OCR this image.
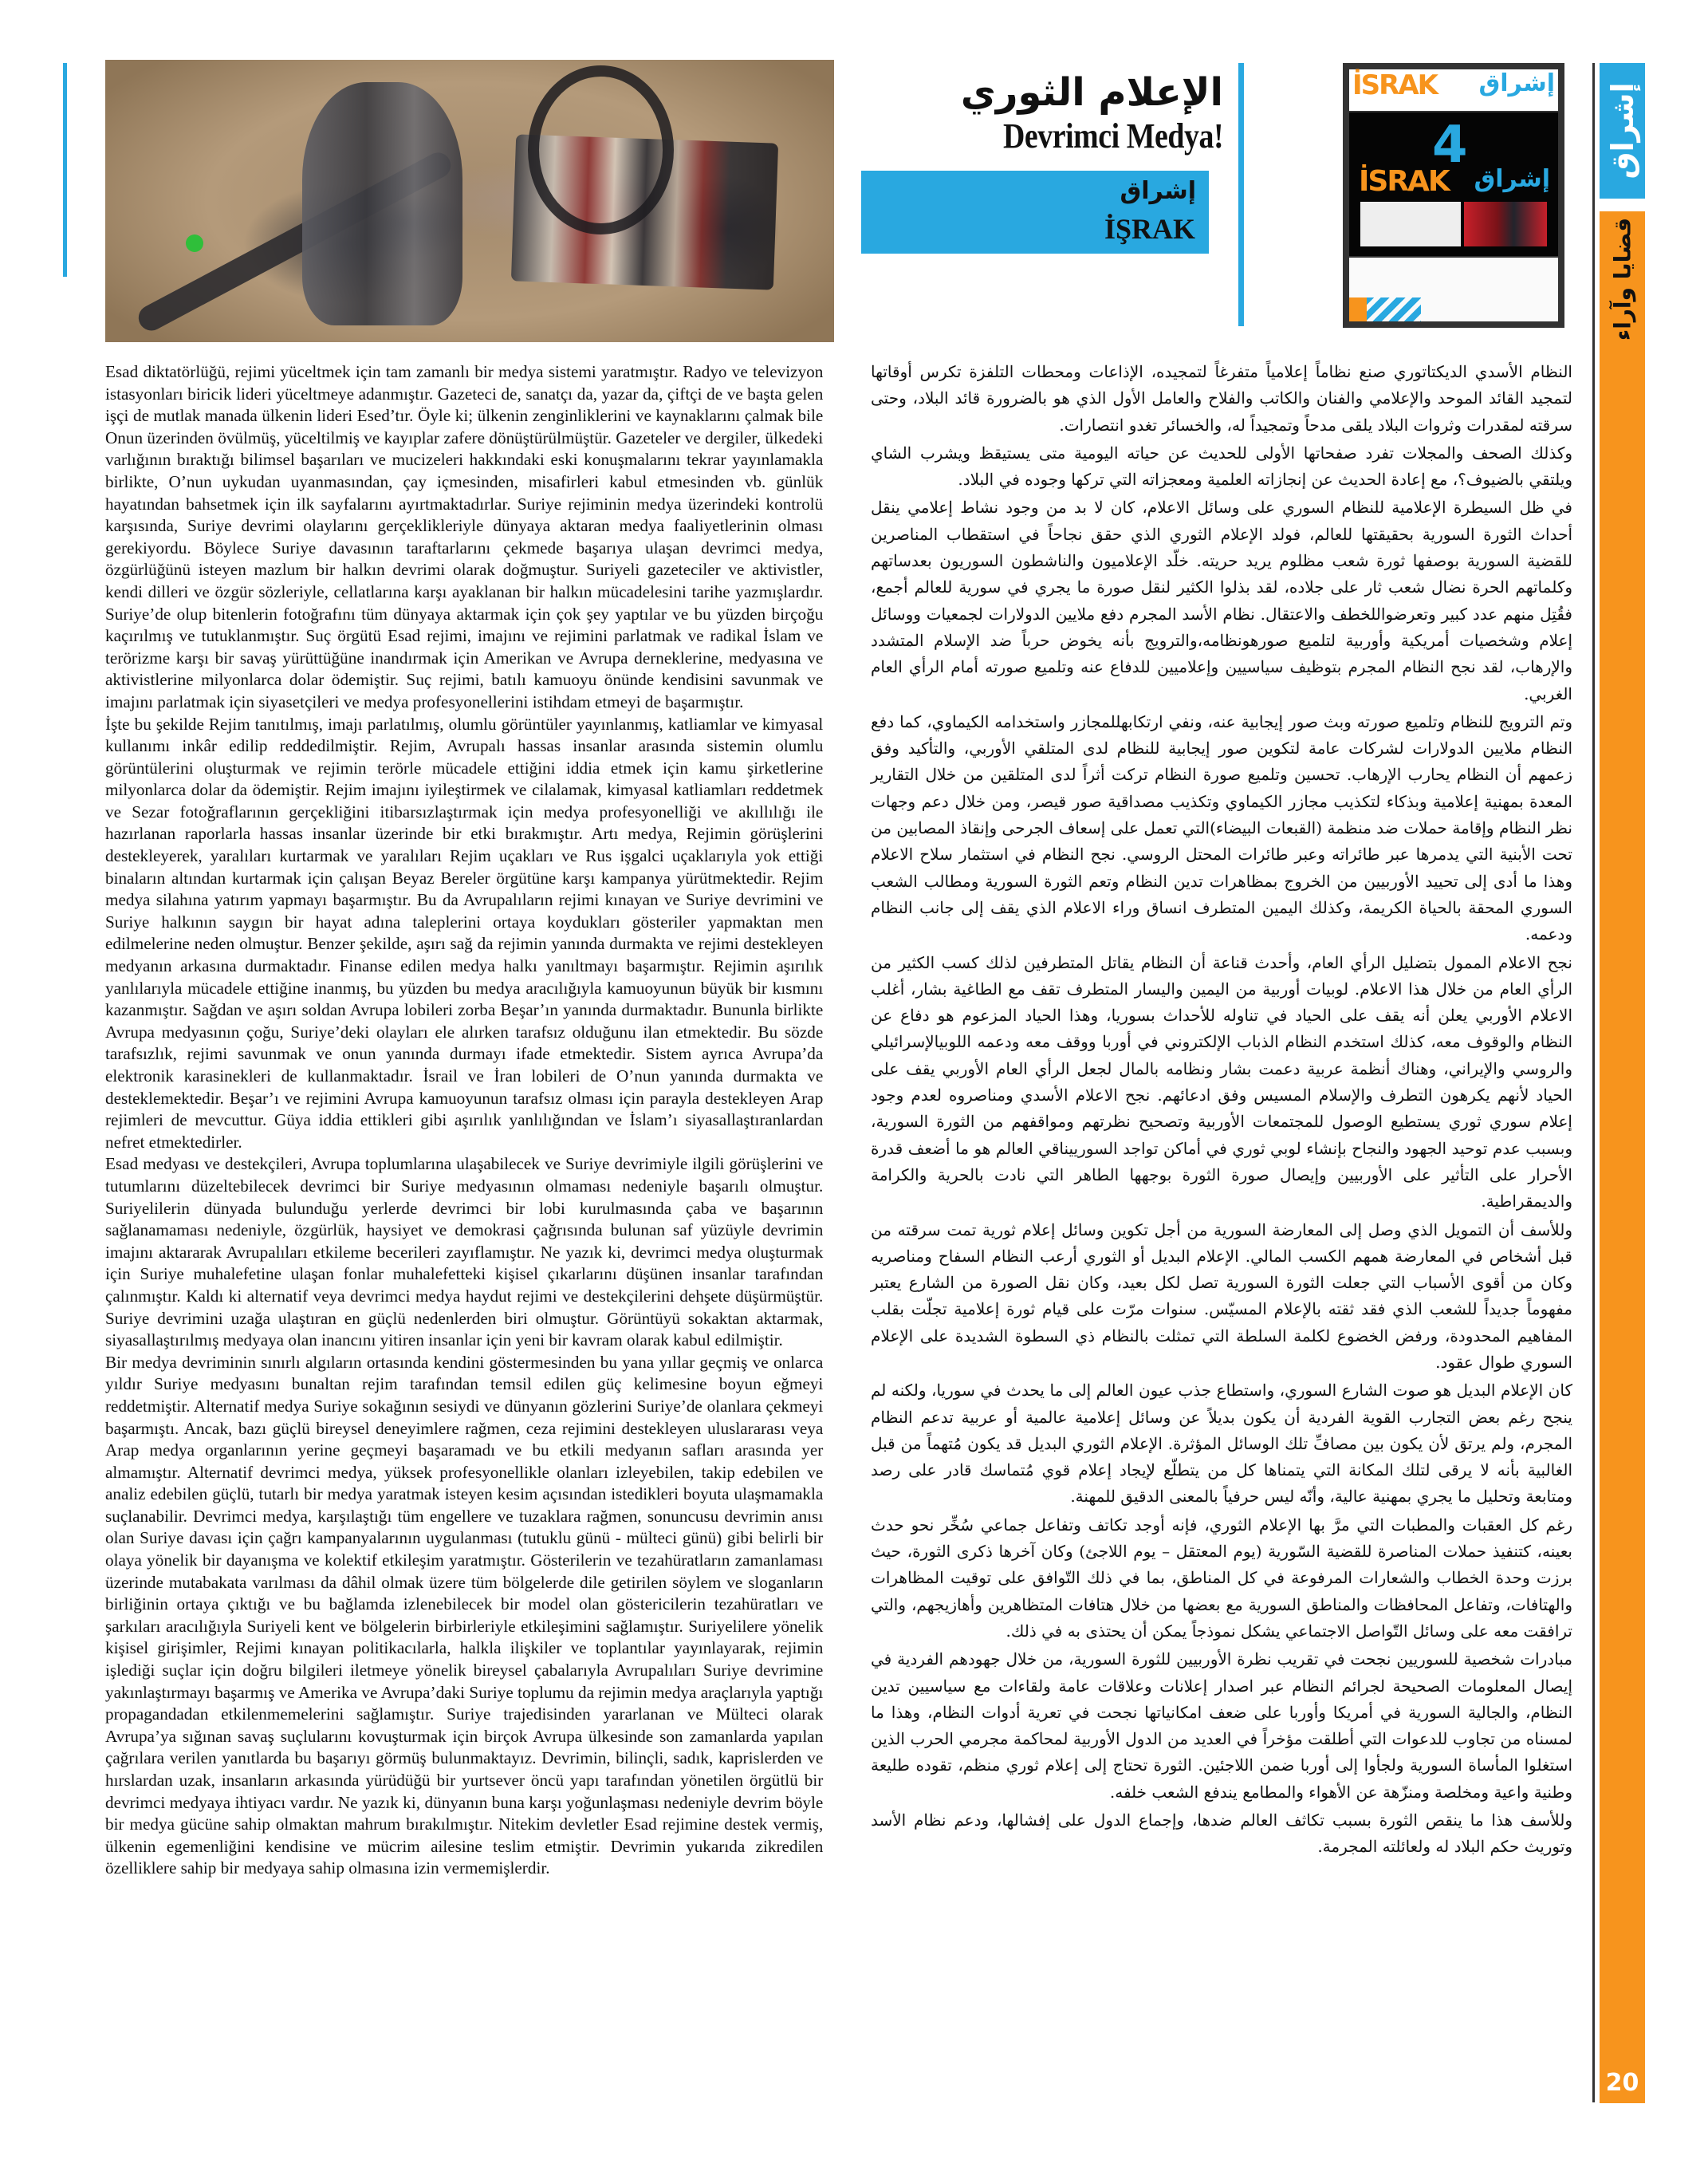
الإعلام الثوري
Devrimci Medya!
إشراق
İŞRAK
İSRAK إشراق
4
İSRAK إشراق إشراق
قضايا وآراء
20

Esad diktatörlüğü, rejimi yüceltmek için tam zamanlı bir medya sistemi yaratmıştır. Radyo ve televizyon istasyonları biricik lideri yüceltmeye adanmıştır. Gazeteci de, sanatçı da, yazar da, çiftçi de ve başta gelen işçi de mutlak manada ülkenin lideri Esed’tır. Öyle ki; ülkenin zenginliklerini ve kaynaklarını çalmak bile Onun üzerinden övülmüş, yüceltilmiş ve kayıplar zafere dönüştürülmüştür. Gazeteler ve dergiler, ülkedeki varlığının bıraktığı bilimsel başarıları ve mucizeleri hakkındaki eski konuşmalarını tekrar yayınlamakla birlikte, O’nun uykudan uyanmasından, çay içmesinden, misafirleri kabul etmesinden vb. günlük hayatından bahsetmek için ilk sayfalarını ayırtmaktadırlar. Suriye rejiminin medya üzerindeki kontrolü karşısında, Suriye devrimi olaylarını gerçeklikleriyle dünyaya aktaran medya faaliyetlerinin olması gerekiyordu. Böylece Suriye davasının taraftarlarını çekmede başarıya ulaşan devrimci medya, özgürlüğünü isteyen mazlum bir halkın devrimi olarak doğmuştur. Suriyeli gazeteciler ve aktivistler, kendi dilleri ve özgür sözleriyle, cellatlarına karşı ayaklanan bir halkın mücadelesini tarihe yazmışlardır. Suriye’de olup bitenlerin fotoğrafını tüm dünyaya aktarmak için çok şey yaptılar ve bu yüzden birçoğu kaçırılmış ve tutuklanmıştır. Suç örgütü Esad rejimi, imajını ve rejimini parlatmak ve radikal İslam ve terörizme karşı bir savaş yürüttüğüne inandırmak için Amerikan ve Avrupa derneklerine, medyasına ve aktivistlerine milyonlarca dolar ödemiştir. Suç rejimi, batılı kamuoyu önünde kendisini savunmak ve imajını parlatmak için siyasetçileri ve medya profesyonellerini istihdam etmeyi de başarmıştır.

İşte bu şekilde Rejim tanıtılmış, imajı parlatılmış, olumlu görüntüler yayınlanmış, katliamlar ve kimyasal kullanımı inkâr edilip reddedilmiştir. Rejim, Avrupalı hassas insanlar arasında sistemin olumlu görüntülerini oluşturmak ve rejimin terörle mücadele ettiğini iddia etmek için kamu şirketlerine milyonlarca dolar da ödemiştir. Rejim imajını iyileştirmek ve cilalamak, kimyasal katliamları reddetmek ve Sezar fotoğraflarının gerçekliğini itibarsızlaştırmak için medya profesyonelliği ve akıllılığı ile hazırlanan raporlarla hassas insanlar üzerinde bir etki bırakmıştır. Artı medya, Rejimin görüşlerini destekleyerek, yaralıları kurtarmak ve yaralıları Rejim uçakları ve Rus işgalci uçaklarıyla yok ettiği binaların altından kurtarmak için çalışan Beyaz Bereler örgütüne karşı kampanya yürütmektedir. Rejim medya silahına yatırım yapmayı başarmıştır. Bu da Avrupalıların rejimi kınayan ve Suriye devrimini ve Suriye halkının saygın bir hayat adına taleplerini ortaya koydukları gösteriler yapmaktan men edilmelerine neden olmuştur. Benzer şekilde, aşırı sağ da rejimin yanında durmakta ve rejimi destekleyen medyanın arkasına durmaktadır. Finanse edilen medya halkı yanıltmayı başarmıştır. Rejimin aşırılık yanlılarıyla mücadele ettiğine inanmış, bu yüzden bu medya aracılığıyla kamuoyunun büyük bir kısmını kazanmıştır. Sağdan ve aşırı soldan Avrupa lobileri zorba Beşar’ın yanında durmaktadır. Bununla birlikte Avrupa medyasının çoğu, Suriye’deki olayları ele alırken tarafsız olduğunu ilan etmektedir. Bu sözde tarafsızlık, rejimi savunmak ve onun yanında durmayı ifade etmektedir. Sistem ayrıca Avrupa’da elektronik karasinekleri de kullanmaktadır. İsrail ve İran lobileri de O’nun yanında durmakta ve desteklemektedir. Beşar’ı ve rejimini Avrupa kamuoyunun tarafsız olması için parayla destekleyen Arap rejimleri de mevcuttur. Güya iddia ettikleri gibi aşırılık yanlılığından ve İslam’ı siyasallaştıranlardan nefret etmektedirler.

Esad medyası ve destekçileri, Avrupa toplumlarına ulaşabilecek ve Suriye devrimiyle ilgili görüşlerini ve tutumlarını düzeltebilecek devrimci bir Suriye medyasının olmaması nedeniyle başarılı olmuştur. Suriyelilerin dünyada bulunduğu yerlerde devrimci bir lobi kurulmasında çaba ve başarının sağlanamaması nedeniyle, özgürlük, haysiyet ve demokrasi çağrısında bulunan saf yüzüyle devrimin imajını aktararak Avrupalıları etkileme becerileri zayıflamıştır. Ne yazık ki, devrimci medya oluşturmak için Suriye muhalefetine ulaşan fonlar muhalefetteki kişisel çıkarlarını düşünen insanlar tarafından çalınmıştır. Kaldı ki alternatif veya devrimci medya haydut rejimi ve destekçilerini dehşete düşürmüştür. Suriye devrimini uzağa ulaştıran en güçlü nedenlerden biri olmuştur. Görüntüyü sokaktan aktarmak, siyasallaştırılmış medyaya olan inancını yitiren insanlar için yeni bir kavram olarak kabul edilmiştir.

Bir medya devriminin sınırlı algıların ortasında kendini göstermesinden bu yana yıllar geçmiş ve onlarca yıldır Suriye medyasını bunaltan rejim tarafından temsil edilen güç kelimesine boyun eğmeyi reddetmiştir. Alternatif medya Suriye sokağının sesiydi ve dünyanın gözlerini Suriye’de olanlara çekmeyi başarmıştı. Ancak, bazı güçlü bireysel deneyimlere rağmen, ceza rejimini destekleyen uluslararası veya Arap medya organlarının yerine geçmeyi başaramadı ve bu etkili medyanın safları arasında yer almamıştır. Alternatif devrimci medya, yüksek profesyonellikle olanları izleyebilen, takip edebilen ve analiz edebilen güçlü, tutarlı bir medya yaratmak isteyen kesim açısından istedikleri boyuta ulaşmamakla suçlanabilir. Devrimci medya, karşılaştığı tüm engellere ve tuzaklara rağmen, sonuncusu devrimin anısı olan Suriye davası için çağrı kampanyalarının uygulanması (tutuklu günü - mülteci günü) gibi belirli bir olaya yönelik bir dayanışma ve kolektif etkileşim yaratmıştır. Gösterilerin ve tezahüratların zamanlaması üzerinde mutabakata varılması da dâhil olmak üzere tüm bölgelerde dile getirilen söylem ve sloganların birliğinin ortaya çıktığı ve bu bağlamda izlenebilecek bir model olan göstericilerin tezahüratları ve şarkıları aracılığıyla Suriyeli kent ve bölgelerin birbirleriyle etkileşimini sağlamıştır. Suriyelilere yönelik kişisel girişimler, Rejimi kınayan politikacılarla, halkla ilişkiler ve toplantılar yayınlayarak, rejimin işlediği suçlar için doğru bilgileri iletmeye yönelik bireysel çabalarıyla Avrupalıları Suriye devrimine yakınlaştırmayı başarmış ve Amerika ve Avrupa’daki Suriye toplumu da rejimin medya araçlarıyla yaptığı propagandadan etkilenmemelerini sağlamıştır. Suriye trajedisinden yararlanan ve Mülteci olarak Avrupa’ya sığınan savaş suçlularını kovuşturmak için birçok Avrupa ülkesinde son zamanlarda yapılan çağrılara verilen yanıtlarda bu başarıyı görmüş bulunmaktayız. Devrimin, bilinçli, sadık, kaprislerden ve hırslardan uzak, insanların arkasında yürüdüğü bir yurtsever öncü yapı tarafından yönetilen örgütlü bir devrimci medyaya ihtiyacı vardır. Ne yazık ki, dünyanın buna karşı yoğunlaşması nedeniyle devrim böyle bir medya gücüne sahip olmaktan mahrum bırakılmıştır. Nitekim devletler Esad rejimine destek vermiş, ülkenin egemenliğini kendisine ve mücrim ailesine teslim etmiştir. Devrimin yukarıda zikredilen özelliklere sahip bir medyaya sahip olmasına izin vermemişlerdir.

النظام الأسدي الديكتاتوري صنع نظاماً إعلامياً متفرغاً لتمجيده، الإذاعات ومحطات التلفزة تكرس أوقاتها لتمجيد القائد الموحد والإعلامي والفنان والكاتب والفلاح والعامل الأول الذي هو بالضرورة قائد البلاد، وحتى سرقته لمقدرات وثروات البلاد يلقى مدحاً وتمجيداً له، والخسائر تغدو انتصارات.

وكذلك الصحف والمجلات تفرد صفحاتها الأولى للحديث عن حياته اليومية متى يستيقظ ويشرب الشاي ويلتقي بالضيوف؟، مع إعادة الحديث عن إنجازاته العلمية ومعجزاته التي تركها وجوده في البلاد.

في ظل السيطرة الإعلامية للنظام السوري على وسائل الاعلام، كان لا بد من وجود نشاط إعلامي ينقل أحداث الثورة السورية بحقيقتها للعالم، فولد الإعلام الثوري الذي حقق نجاحاً في استقطاب المناصرين للقضية السورية بوصفها ثورة شعب مظلوم يريد حريته. خلّد الإعلاميون والناشطون السوريون بعدساتهم وكلماتهم الحرة نضال شعب ثار على جلاده، لقد بذلوا الكثير لنقل صورة ما يجري في سورية للعالم أجمع، فقُتِل منهم عدد كبير وتعرضواللخطف والاعتقال. نظام الأسد المجرم دفع ملايين الدولارات لجمعيات ووسائل إعلام وشخصيات أمريكية وأوربية لتلميع صورهونظامه،والترويج بأنه يخوض حرباً ضد الإسلام المتشدد والإرهاب، لقد نجح النظام المجرم بتوظيف سياسيين وإعلاميين للدفاع عنه وتلميع صورته أمام الرأي العام الغربي.

وتم الترويج للنظام وتلميع صورته وبث صور إيجابية عنه، ونفي ارتكابهللمجازر واستخدامه الكيماوي، كما دفع النظام ملايين الدولارات لشركات عامة لتكوين صور إيجابية للنظام لدى المتلقي الأوربي، والتأكيد وفق زعمهم أن النظام يحارب الإرهاب. تحسين وتلميع صورة النظام تركت أثراً لدى المتلقين من خلال التقارير المعدة بمهنية إعلامية وبذكاء لتكذيب مجازر الكيماوي وتكذيب مصداقية صور قيصر، ومن خلال دعم وجهات نظر النظام وإقامة حملات ضد منظمة (القبعات البيضاء)التي تعمل على إسعاف الجرحى وإنقاذ المصابين من تحت الأبنية التي يدمرها عبر طائراته وعبر طائرات المحتل الروسي. نجح النظام في استثمار سلاح الاعلام وهذا ما أدى إلى تحييد الأوربيين من الخروج بمظاهرات تدين النظام وتعم الثورة السورية ومطالب الشعب السوري المحقة بالحياة الكريمة، وكذلك اليمين المتطرف انساق وراء الاعلام الذي يقف إلى جانب النظام ودعمه.

نجح الاعلام الممول بتضليل الرأي العام، وأحدث قناعة أن النظام يقاتل المتطرفين لذلك كسب الكثير من الرأي العام من خلال هذا الاعلام. لوبيات أوربية من اليمين واليسار المتطرف تقف مع الطاغية بشار، أغلب الاعلام الأوربي يعلن أنه يقف على الحياد في تناوله للأحداث بسوريا، وهذا الحياد المزعوم هو دفاع عن النظام والوقوف معه، كذلك استخدم النظام الذباب الإلكتروني في أوربا ووقف معه ودعمه اللوبيالإسرائيلي والروسي والإيراني، وهناك أنظمة عربية دعمت بشار ونظامه بالمال لجعل الرأي العام الأوربي يقف على الحياد لأنهم يكرهون التطرف والإسلام المسيس وفق ادعائهم. نجح الاعلام الأسدي ومناصروه لعدم وجود إعلام سوري ثوري يستطيع الوصول للمجتمعات الأوربية وتصحيح نظرتهم ومواقفهم من الثورة السورية، وبسبب عدم توحيد الجهود والنجاح بإنشاء لوبي ثوري في أماكن تواجد السورييناقي العالم هو ما أضعف قدرة الأحرار على التأثير على الأوربيين وإيصال صورة الثورة بوجهها الطاهر التي نادت بالحرية والكرامة والديمقراطية.

وللأسف أن التمويل الذي وصل إلى المعارضة السورية من أجل تكوين وسائل إعلام ثورية تمت سرقته من قبل أشخاص في المعارضة همهم الكسب المالي. الإعلام البديل أو الثوري أرعب النظام السفاح ومناصريه وكان من أقوى الأسباب التي جعلت الثورة السورية تصل لكل بعيد، وكان نقل الصورة من الشارع يعتبر مفهوماً جديداً للشعب الذي فقد ثقته بالإعلام المسيّس. سنوات مرّت على قيام ثورة إعلامية تجلّت بقلب المفاهيم المحدودة، ورفض الخضوع لكلمة السلطة التي تمثلت بالنظام ذي السطوة الشديدة على الإعلام السوري طوال عقود.

كان الإعلام البديل هو صوت الشارع السوري، واستطاع جذب عيون العالم إلى ما يحدث في سوريا، ولكنه لم ينجح رغم بعض التجارب القوية الفردية أن يكون بديلاً عن وسائل إعلامية عالمية أو عربية تدعم النظام المجرم، ولم يرتق لأن يكون بين مصافِّ تلك الوسائل المؤثرة. الإعلام الثوري البديل قد يكون مُتهماً من قبل الغالبية بأنه لا يرقى لتلك المكانة التي يتمناها كل من يتطلّع لإيجاد إعلام قوي مُتماسك قادر على رصد ومتابعة وتحليل ما يجري بمهنية عالية، وأنّه ليس حرفياً بالمعنى الدقيق للمهنة.

رغم كل العقبات والمطبات التي مرَّ بها الإعلام الثوري، فإنه أوجد تكاتف وتفاعل جماعي سُخِّر نحو حدث بعينه، كتنفيذ حملات المناصرة للقضية السّورية (يوم المعتقل – يوم اللاجئ) وكان آخرها ذكرى الثورة، حيث برزت وحدة الخطاب والشعارات المرفوعة في كل المناطق، بما في ذلك التّوافق على توقيت المظاهرات والهتافات، وتفاعل المحافظات والمناطق السورية مع بعضها من خلال هتافات المتظاهرين وأهازيجهم، والتي ترافقت معه على وسائل التّواصل الاجتماعي يشكل نموذجاً يمكن أن يحتذى به في ذلك.

مبادرات شخصية للسوريين نجحت في تقريب نظرة الأوربيين للثورة السورية، من خلال جهودهم الفردية في إيصال المعلومات الصحيحة لجرائم النظام عبر اصدار إعلانات وعلاقات عامة ولقاءات مع سياسيين تدين النظام، والجالية السورية في أمريكا وأوربا على ضعف امكانياتها نجحت في تعرية أدوات النظام، وهذا ما لمسناه من تجاوب للدعوات التي أطلقت مؤخراً في العديد من الدول الأوربية لمحاكمة مجرمي الحرب الذين استغلوا المأساة السورية ولجأوا إلى أوربا ضمن اللاجئين. الثورة تحتاج إلى إعلام ثوري منظم، تقوده طليعة وطنية واعية ومخلصة ومنزّهة عن الأهواء والمطامع يندفع الشعب خلفه.

وللأسف هذا ما ينقص الثورة بسبب تكاثف العالم ضدها، وإجماع الدول على إفشالها، ودعم نظام الأسد وتوريث حكم البلاد له ولعائلته المجرمة.
